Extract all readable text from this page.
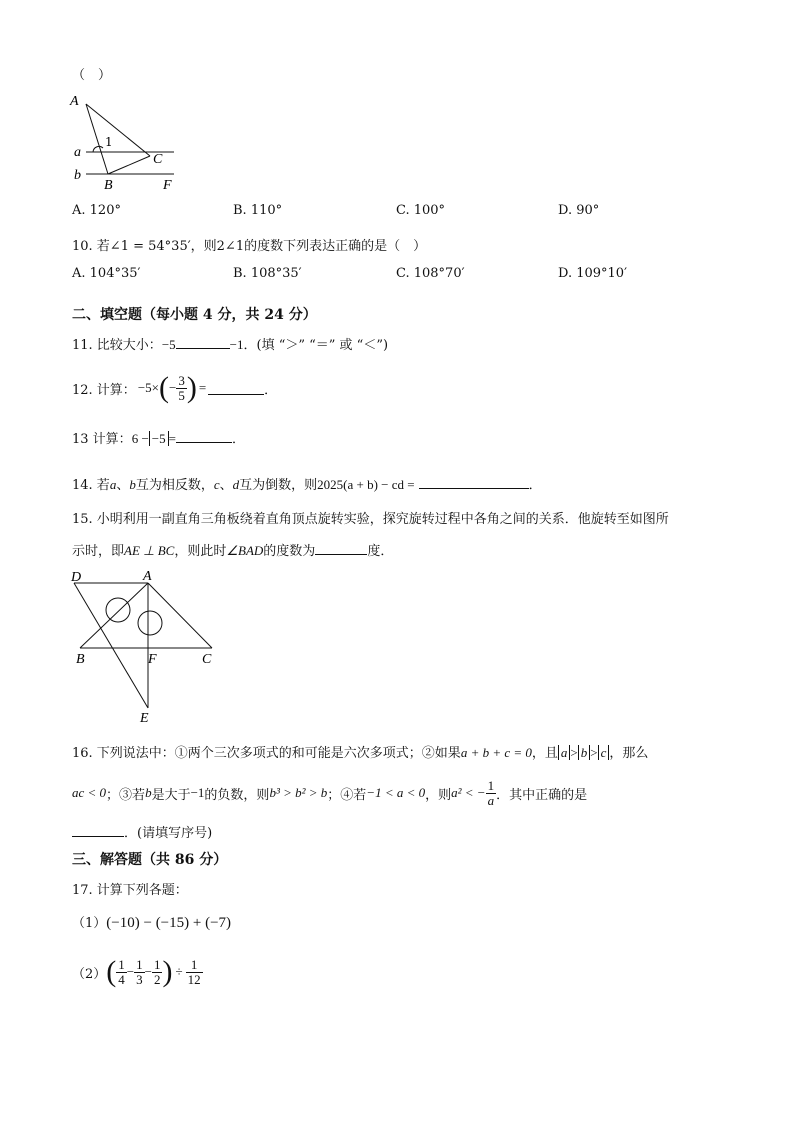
（　）
A
a
b
1
C
B	F
A. 120°	B. 110°	C. 100°	D. 90°
10. 若∠1 = 54°35′，则2∠1的度数下列表达正确的是（　）
A. 104°35′	B. 108°35′	C. 108°70′	D. 109°10′
二、填空题（每小题 4 分，共 24 分）
11. 比较大小：−5	−1．(填 “＞” “＝” 或 “＜”)
12. 计算： −5× ( − $\frac{3}{5}$ ) =	．
13 计算：6 − −5 =	．
14. 若a、b互为相反数，c、d互为倒数，则2025(a + b) − cd =	．
15. 小明利用一副直角三角板绕着直角顶点旋转实验，探究旋转过程中各角之间的关系．他旋转至如图所
示时，即AE ⊥ BC，则此时∠BAD的度数为	度．
D	A
B	F	C
E
16. 下列说法中：①两个三次多项式的和可能是六次多项式；②如果a + b + c = 0，且 a > b > c ，那么
ac < 0 ；③若 b 是大于 −1 的负数，则 b³ > b² > b ；④若 −1 < a < 0 ，则 a² < − $\frac{1}{a}$ ．其中正确的是
．(请填写序号)
三、解答题（共 86 分）
17. 计算下列各题：
（1）(−10) − (−15) + (−7)
（2） ( $\frac{1}{4} - \frac{1}{3} - \frac{1}{2}$ ) ÷ $\frac{1}{12}$
